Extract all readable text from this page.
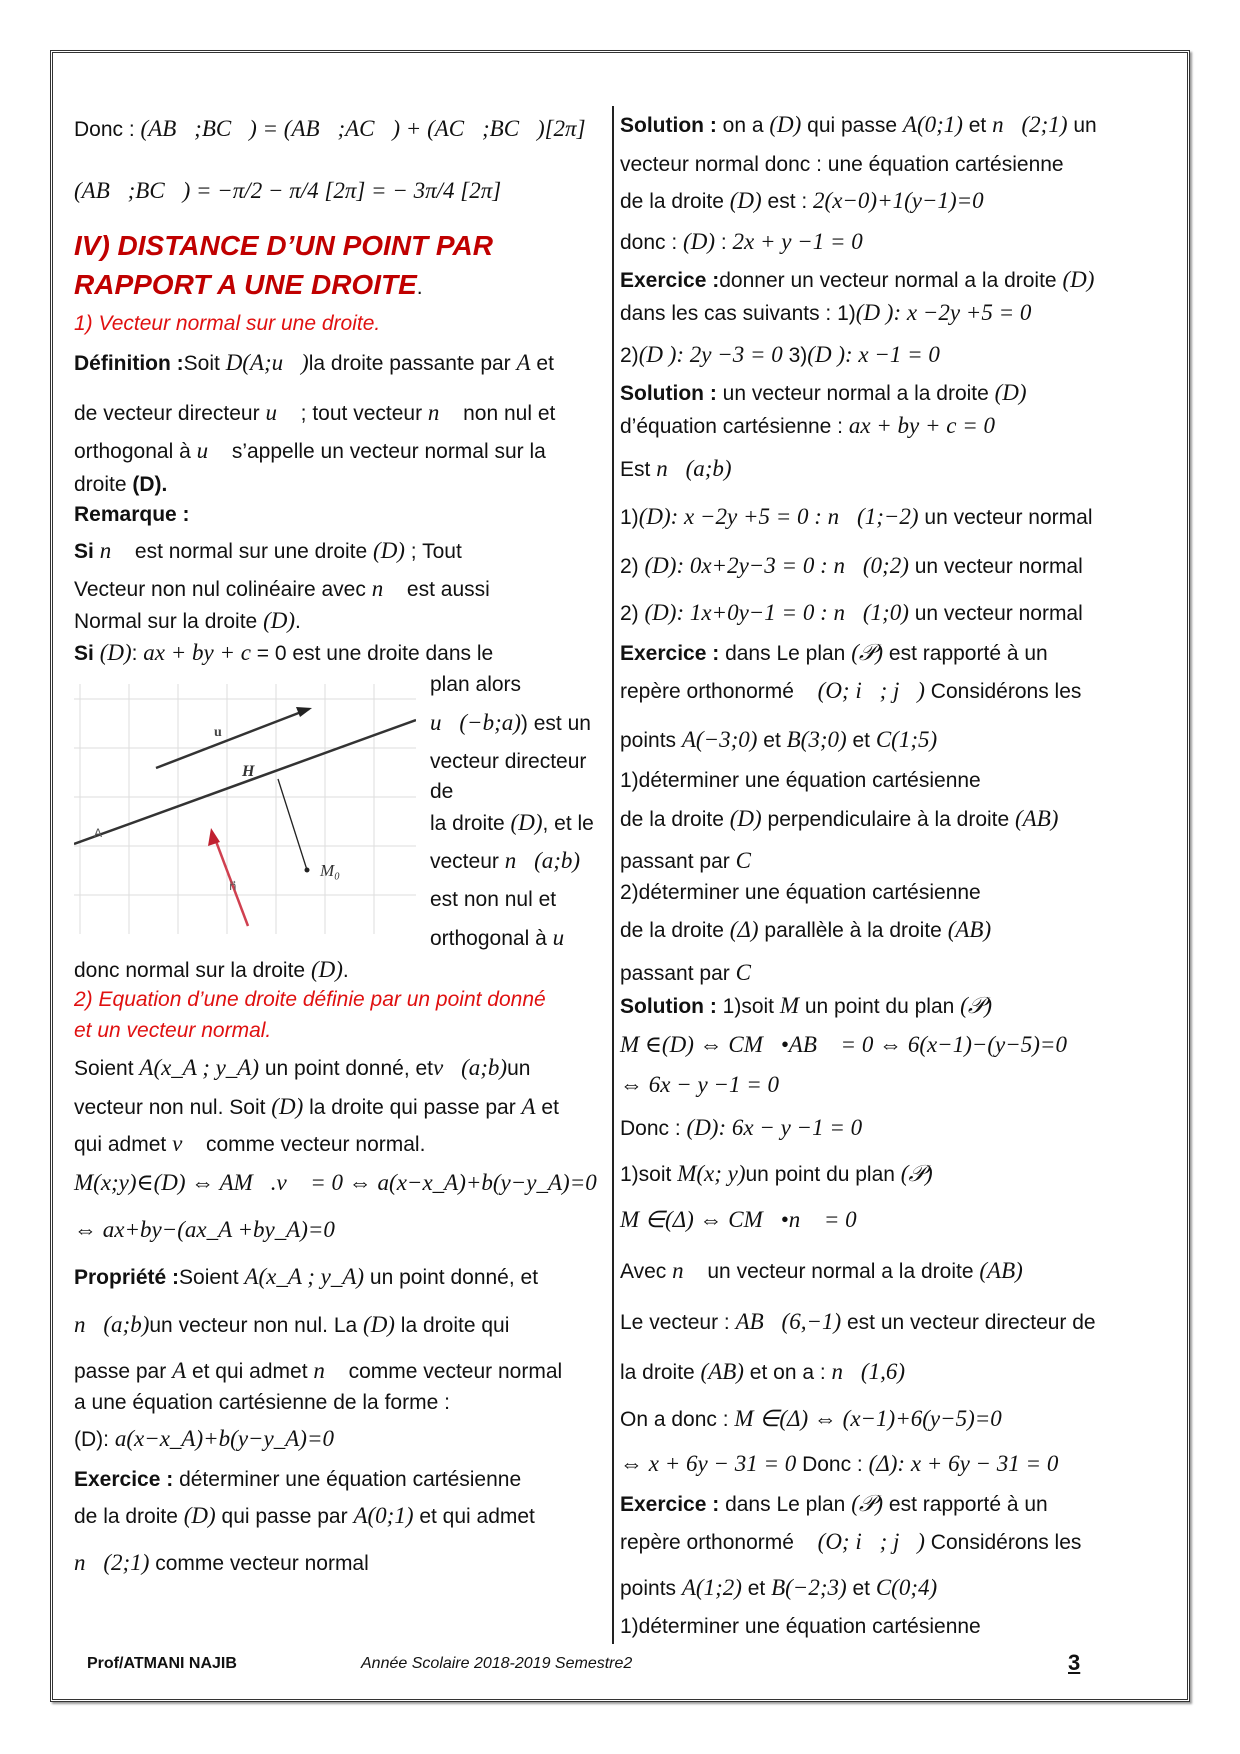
Donc : (AB⃗;BC⃗) = (AB⃗;AC⃗) + (AC⃗;BC⃗)[2π]
(AB⃗;BC⃗) = −π/2 − π/4 [2π] = − 3π/4 [2π]
IV) DISTANCE D’UN POINT PAR
RAPPORT A UNE DROITE.
1) Vecteur normal sur une droite.
Définition :Soit D(A;u⃗)la droite passante par A et
de vecteur directeur u⃗ ; tout vecteur n⃗ non nul et
orthogonal à u⃗ s’appelle un vecteur normal sur la
droite (D).
Remarque :
Si n⃗ est normal sur une droite (D) ; Tout
Vecteur non nul colinéaire avec n⃗ est aussi
Normal sur la droite (D).
Si (D): ax + by + c = 0 est une droite dans le
plan alors
u⃗(−b;a)) est un
vecteur directeur
de
la droite (D), et le
vecteur n⃗(a;b)
est non nul et
orthogonal à u⃗
donc normal sur la droite (D).
2) Equation d’une droite définie par un point donné
et un vecteur normal.
Soient A(x_A ; y_A) un point donné, etv⃗(a;b)un
vecteur non nul. Soit (D) la droite qui passe par A et
qui admet v⃗ comme vecteur normal.
M(x;y)∈(D) ⇔ AM⃗.v⃗ = 0 ⇔ a(x−x_A)+b(y−y_A)=0
⇔ ax+by−(ax_A +by_A)=0
Propriété :Soient A(x_A ; y_A) un point donné, et
n⃗(a;b)un vecteur non nul. La (D) la droite qui
passe par A et qui admet n⃗ comme vecteur normal
a une équation cartésienne de la forme :
(D): a(x−x_A)+b(y−y_A)=0
Exercice : déterminer une équation cartésienne
de la droite (D) qui passe par A(0;1) et qui admet
n⃗(2;1) comme vecteur normal
Solution : on a (D) qui passe A(0;1) et n⃗(2;1) un
vecteur normal donc : une équation cartésienne
de la droite (D) est : 2(x−0)+1(y−1)=0
donc : (D) : 2x + y −1 = 0
Exercice :donner un vecteur normal a la droite (D)
dans les cas suivants : 1)(D ): x −2y +5 = 0
2)(D ): 2y −3 = 0 3)(D ): x −1 = 0
Solution : un vecteur normal a la droite (D)
d’équation cartésienne : ax + by + c = 0
Est n⃗(a;b)
1)(D): x −2y +5 = 0 : n⃗(1;−2) un vecteur normal
2) (D): 0x+2y−3 = 0 : n⃗(0;2) un vecteur normal
2) (D): 1x+0y−1 = 0 : n⃗(1;0) un vecteur normal
Exercice : dans Le plan (𝒫) est rapporté à un
repère orthonormé ℛ(O; i⃗; j⃗) Considérons les
points A(−3;0) et B(3;0) et C(1;5)
1)déterminer une équation cartésienne
de la droite (D) perpendiculaire à la droite (AB)
passant par C
2)déterminer une équation cartésienne
de la droite (Δ) parallèle à la droite (AB)
passant par C
Solution : 1)soit M un point du plan (𝒫)
M ∈(D) ⇔ CM⃗•AB⃗ = 0 ⇔ 6(x−1)−(y−5)=0
⇔ 6x − y −1 = 0
Donc : (D): 6x − y −1 = 0
1)soit M(x; y)un point du plan (𝒫)
M ∈(Δ) ⇔ CM⃗•n⃗ = 0
Avec n⃗ un vecteur normal a la droite (AB)
Le vecteur : AB⃗(6,−1) est un vecteur directeur de
la droite (AB) et on a : n⃗(1,6)
On a donc : M ∈(Δ) ⇔ (x−1)+6(y−5)=0
⇔ x + 6y − 31 = 0 Donc : (Δ): x + 6y − 31 = 0
Exercice : dans Le plan (𝒫) est rapporté à un
repère orthonormé ℛ(O; i⃗; j⃗) Considérons les
points A(1;2) et B(−2;3) et C(0;4)
1)déterminer une équation cartésienne
u⃗
H
A
M₀
n⃗
Prof/ATMANI NAJIB	Année Scolaire 2018-2019 Semestre2	3
